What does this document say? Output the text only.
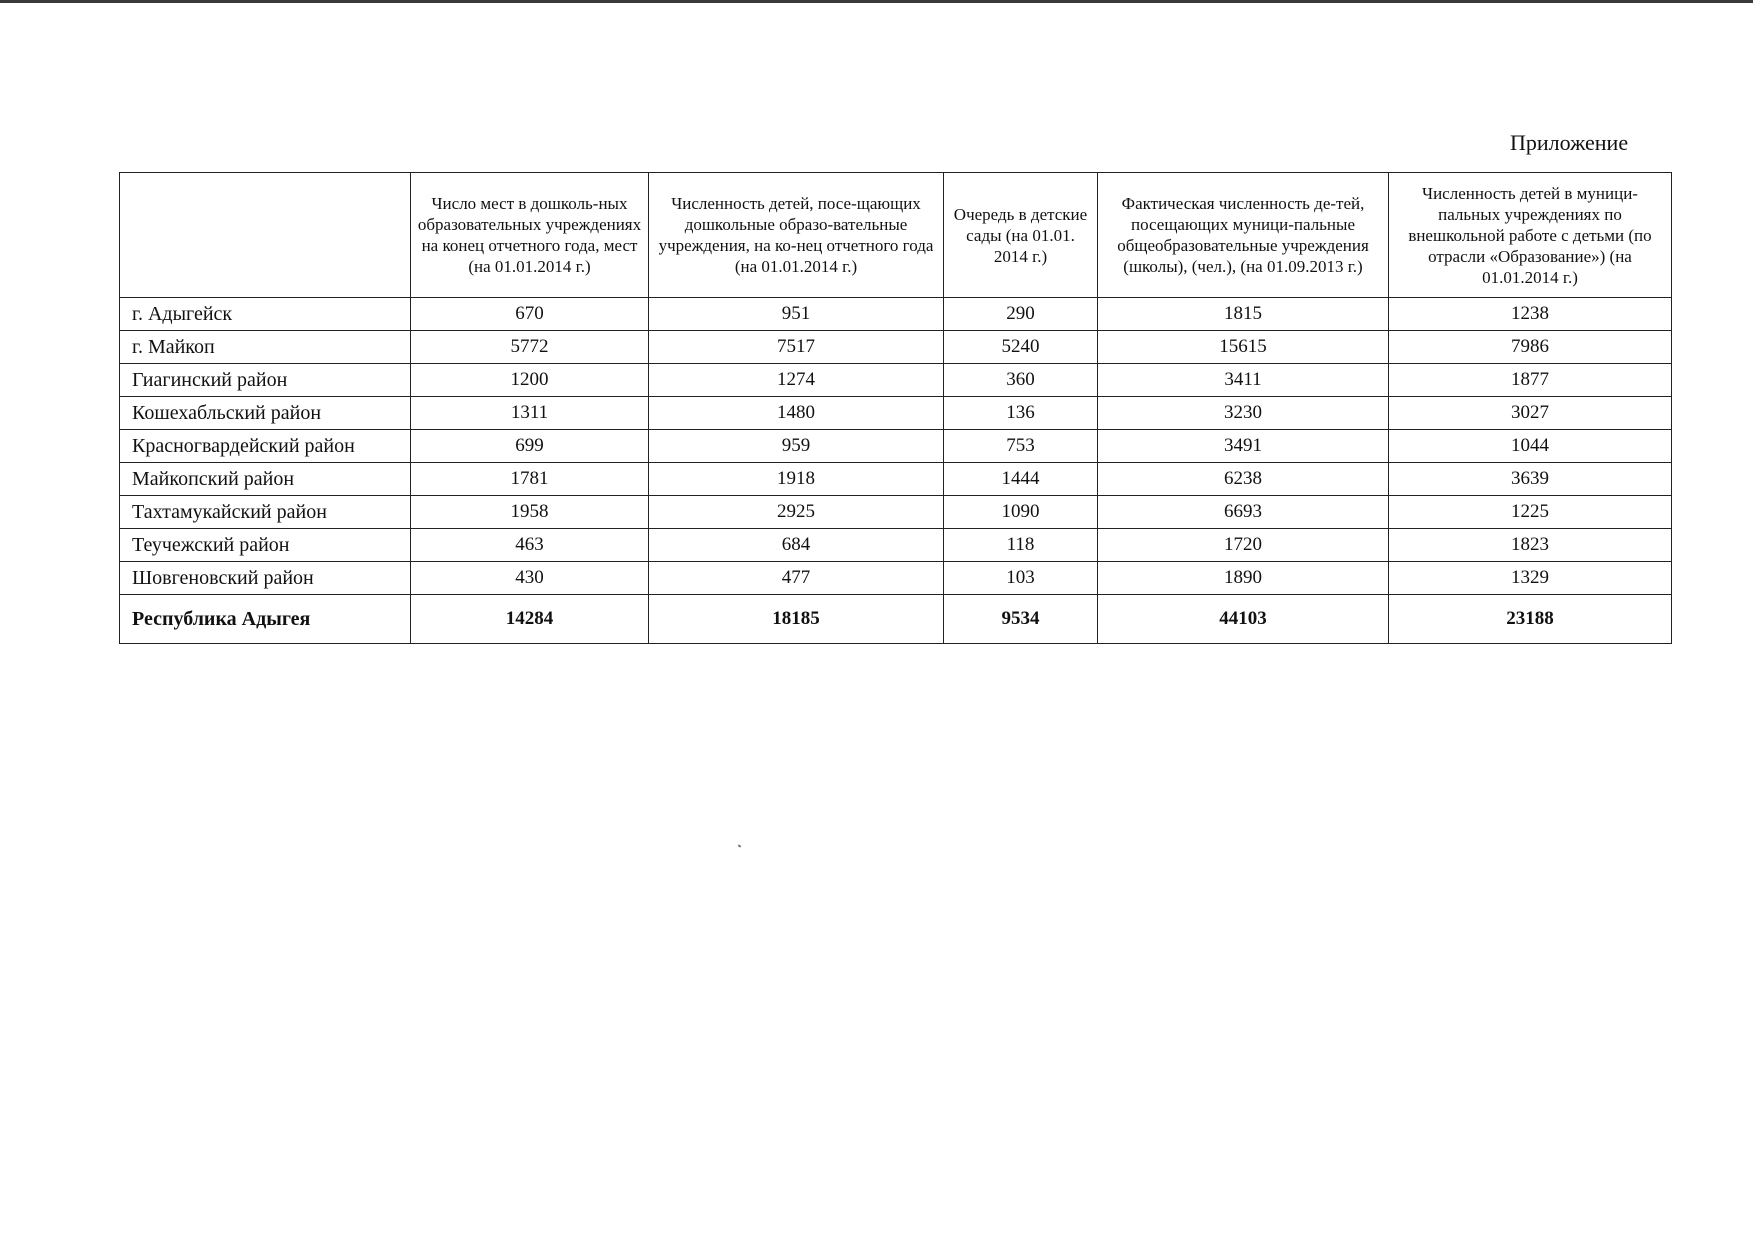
Приложение
	Число мест в дошколь-ных образовательных учреждениях на конец отчетного года, мест (на 01.01.2014 г.)	Численность детей, посе-щающих дошкольные образо-вательные учреждения, на ко-нец отчетного года (на 01.01.2014 г.)	Очередь в детские сады (на 01.01. 2014 г.)	Фактическая численность де-тей, посещающих муници-пальные общеобразовательные учреждения (школы), (чел.), (на 01.09.2013 г.)	Численность детей в муници-пальных учреждениях по внешкольной работе с детьми (по отрасли «Образование») (на 01.01.2014 г.)
г. Адыгейск	670	951	290	1815	1238
г. Майкоп	5772	7517	5240	15615	7986
Гиагинский район	1200	1274	360	3411	1877
Кошехабльский район	1311	1480	136	3230	3027
Красногвардейский район	699	959	753	3491	1044
Майкопский район	1781	1918	1444	6238	3639
Тахтамукайский район	1958	2925	1090	6693	1225
Теучежский район	463	684	118	1720	1823
Шовгеновский район	430	477	103	1890	1329
Республика Адыгея	14284	18185	9534	44103	23188
